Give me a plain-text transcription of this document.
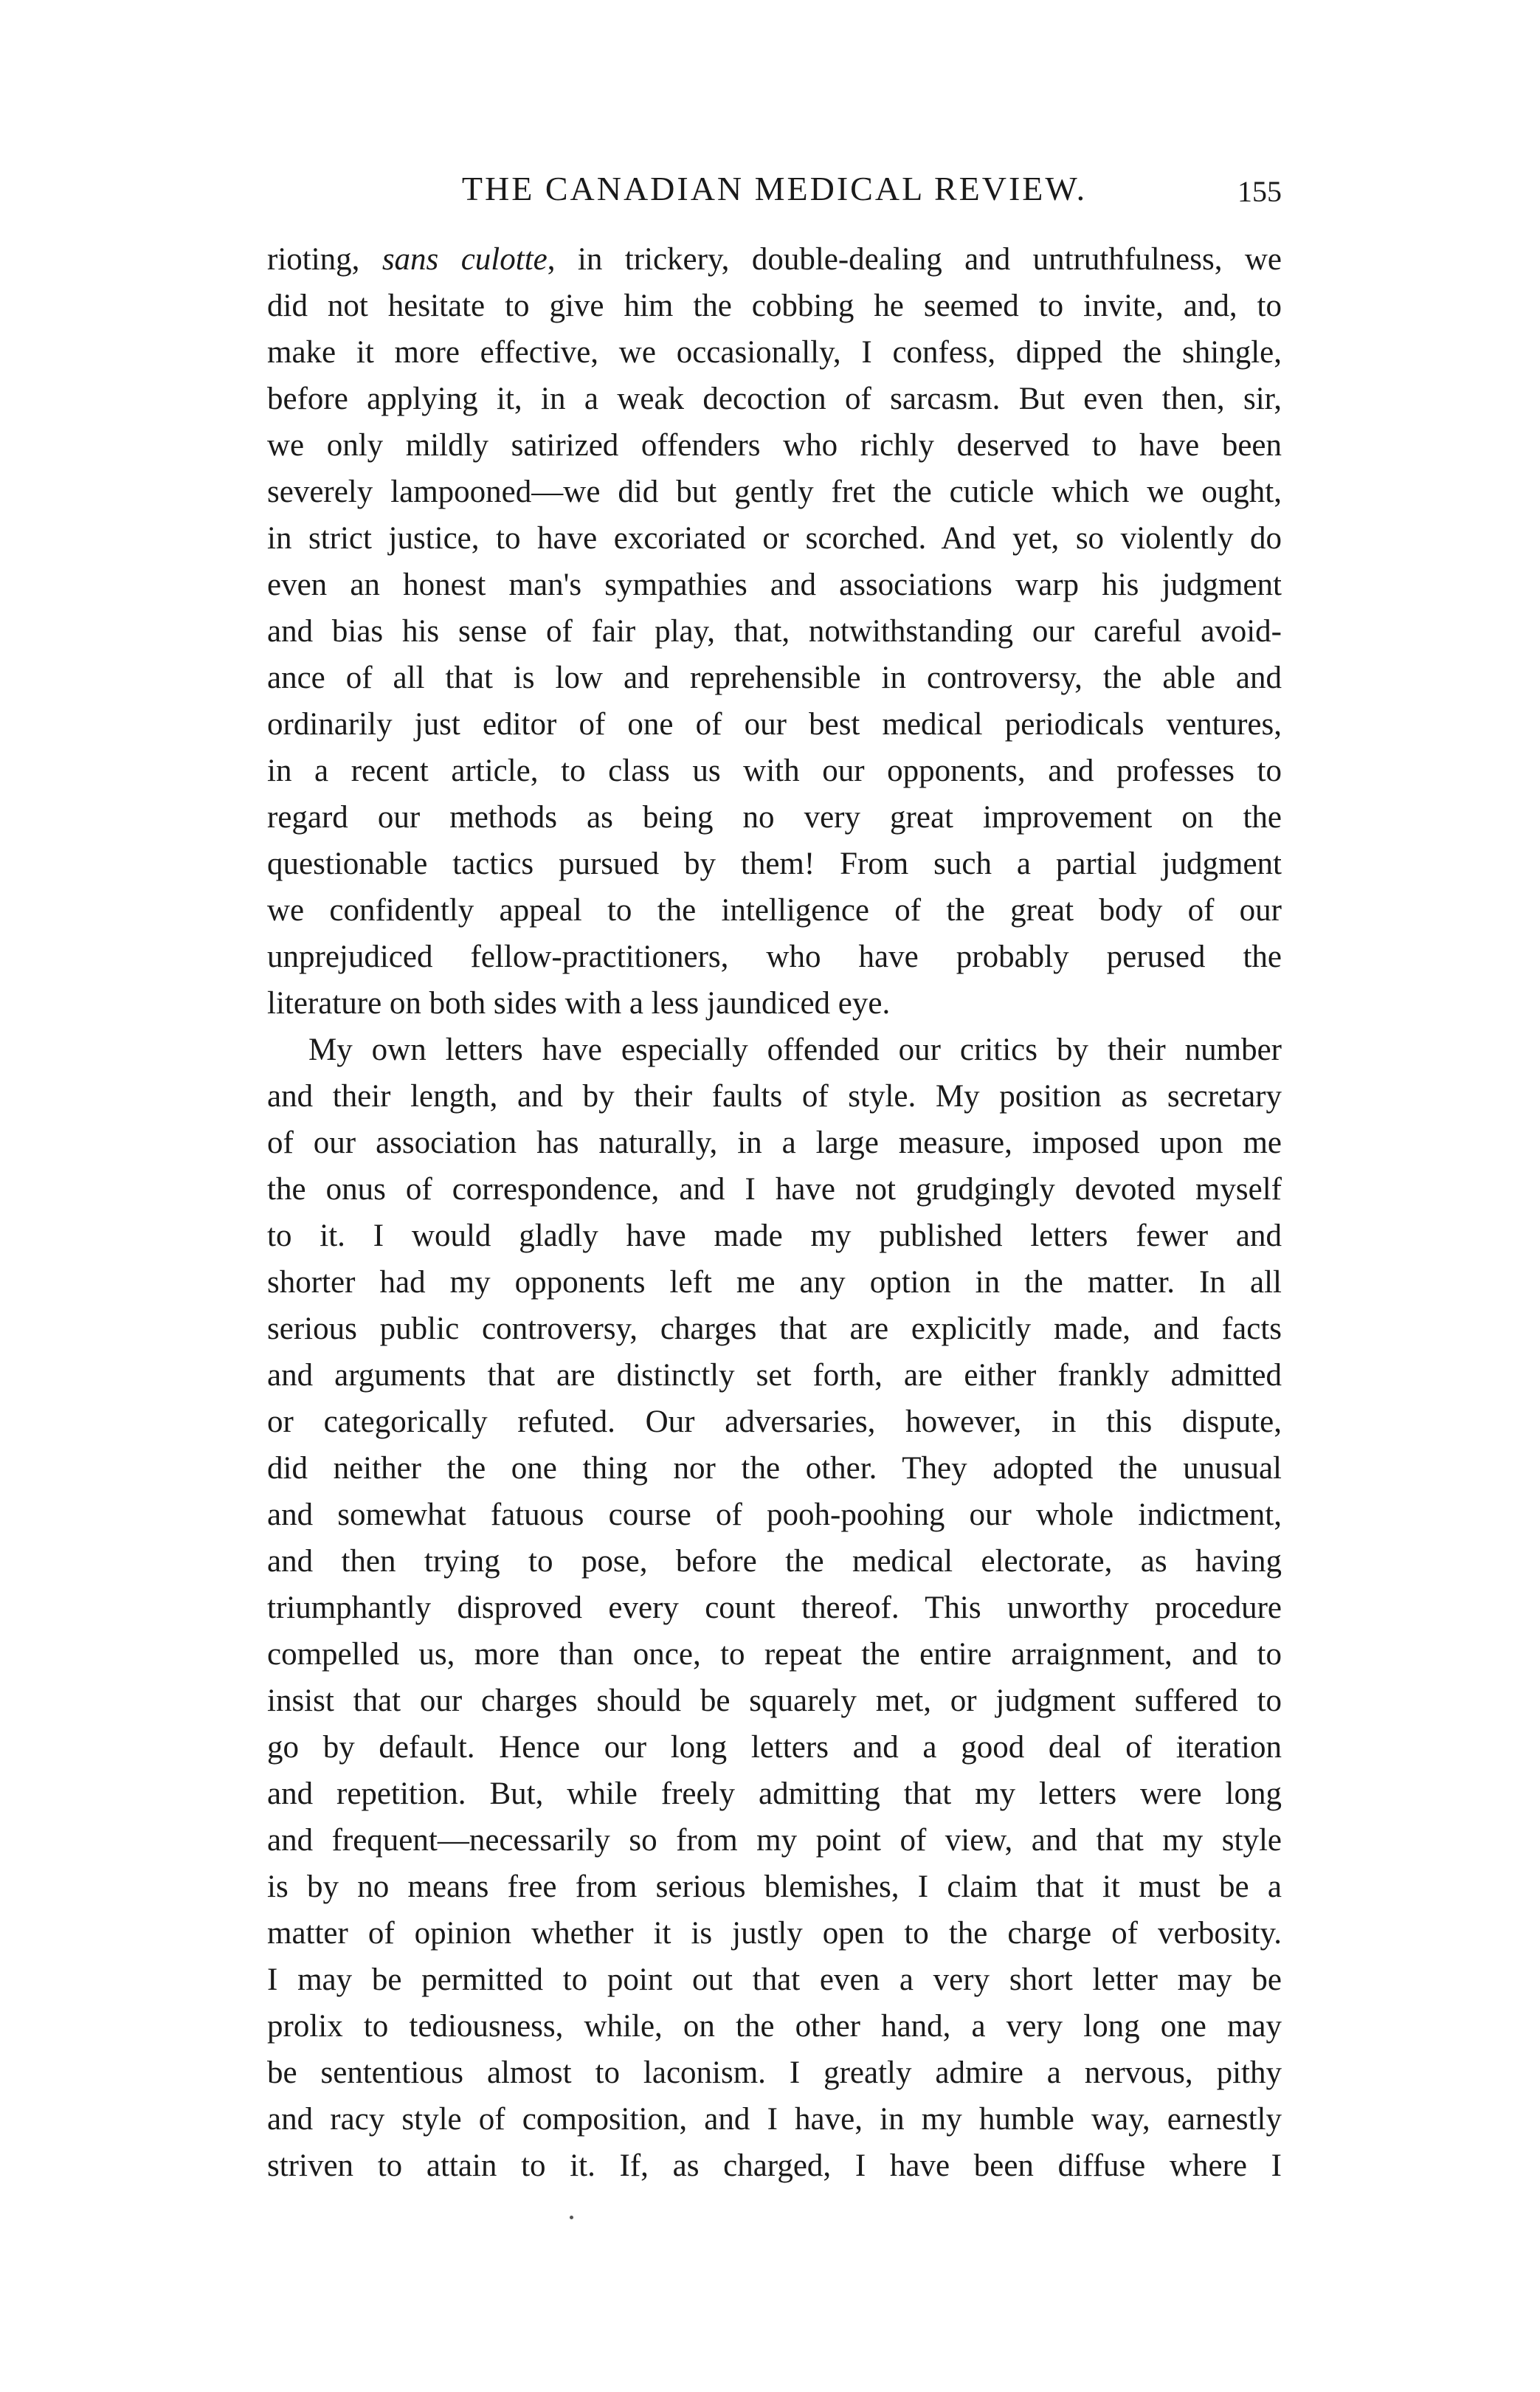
THE CANADIAN MEDICAL REVIEW.	155
rioting, sans culotte, in trickery, double-dealing and untruthfulness, we
did not hesitate to give him the cobbing he seemed to invite, and, to
make it more effective, we occasionally, I confess, dipped the shingle,
before applying it, in a weak decoction of sarcasm. But even then, sir,
we only mildly satirized offenders who richly deserved to have been
severely lampooned—we did but gently fret the cuticle which we ought,
in strict justice, to have excoriated or scorched. And yet, so violently do
even an honest man's sympathies and associations warp his judgment
and bias his sense of fair play, that, notwithstanding our careful avoid-
ance of all that is low and reprehensible in controversy, the able and
ordinarily just editor of one of our best medical periodicals ventures,
in a recent article, to class us with our opponents, and professes to
regard our methods as being no very great improvement on the
questionable tactics pursued by them! From such a partial judgment
we confidently appeal to the intelligence of the great body of our
unprejudiced fellow-practitioners, who have probably perused the
literature on both sides with a less jaundiced eye.
My own letters have especially offended our critics by their number
and their length, and by their faults of style. My position as secretary
of our association has naturally, in a large measure, imposed upon me
the onus of correspondence, and I have not grudgingly devoted myself
to it. I would gladly have made my published letters fewer and
shorter had my opponents left me any option in the matter. In all
serious public controversy, charges that are explicitly made, and facts
and arguments that are distinctly set forth, are either frankly admitted
or categorically refuted. Our adversaries, however, in this dispute,
did neither the one thing nor the other. They adopted the unusual
and somewhat fatuous course of pooh-poohing our whole indictment,
and then trying to pose, before the medical electorate, as having
triumphantly disproved every count thereof. This unworthy procedure
compelled us, more than once, to repeat the entire arraignment, and to
insist that our charges should be squarely met, or judgment suffered to
go by default. Hence our long letters and a good deal of iteration
and repetition. But, while freely admitting that my letters were long
and frequent—necessarily so from my point of view, and that my style
is by no means free from serious blemishes, I claim that it must be a
matter of opinion whether it is justly open to the charge of verbosity.
I may be permitted to point out that even a very short letter may be
prolix to tediousness, while, on the other hand, a very long one may
be sententious almost to laconism. I greatly admire a nervous, pithy
and racy style of composition, and I have, in my humble way, earnestly
striven to attain to it. If, as charged, I have been diffuse where I
